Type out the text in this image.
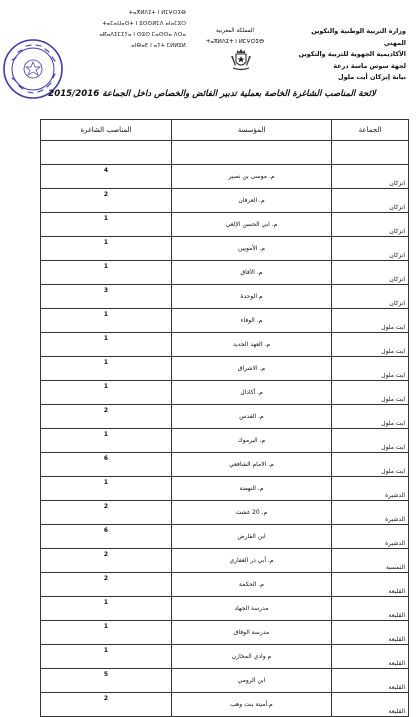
ⵜⴰⴳⵍⴷⵉⵜ ⵏ ⵍⵎⵖⵔⵉⴱ
ⵜⴰⵎⴰⵡⴰⵙⵜ ⵏ ⵓⵙⵙⵍⵎⴷ ⴰⵏⴰⵎⵓⵔ
ⴰⴽⴰⴷⵉⵎⵉⵢⴰ ⵏ ⵙⵓⵙ ⵎⴰⵙⵙⴰ ⴷⵔⴰ
ⴰⵏⴱⴰⴹ ⵏ ⴰⵢⵜ ⵎⵍⵍⵓⵍ
المملكة المغربية
ⵜⴰⴳⵍⴷⵉⵜ ⵏ ⵍⵎⵖⵔⵉⴱ
وزارة التربية الوطنية والتكوين المهني
الأكاديمية الجهوية للتربية والتكوين
لجهة سوس ماسة درعة
نيابة إنزكان أيت ملول
لائحة المناصب الشاغرة الخاصة بعملية تدبير الفائض والخصاص داخل الجماعة 2015/2016
الجماعة	المؤسسة	المناصب الشاغرة

انزكان	م. موسى بن نصير	4
انزكان	م. العرفان	2
انزكان	م. ابي الحسن الإلغي	1
انزكان	م. الأمويين	1
انزكان	م. الآفاق	1
انزكان	م الوحدة	3
ايت ملول	م. الوفاء	1
ايت ملول	م. العهد الجديد	1
ايت ملول	م. الاشراق	1
ايت ملول	م. أكادال	1
ايت ملول	م. القدس	2
ايت ملول	م. اليرموك	1
ايت ملول	م. الامام الشافعي	6
الدشيرة	م. النهضة	1
الدشيرة	م. 20 غشت	2
الدشيرة	ابن الفارض	6
التمسية	م. أبي ذر الغفاري	2
القليعة	م. الحكمة	2
القليعة	مدرسة الجهاد	1
القليعة	مدرسة الوفاق	1
القليعة	م وادي المخازن	1
القليعة	ابن الرومي	5
القليعة	م.أمينة بنت وهب	2
